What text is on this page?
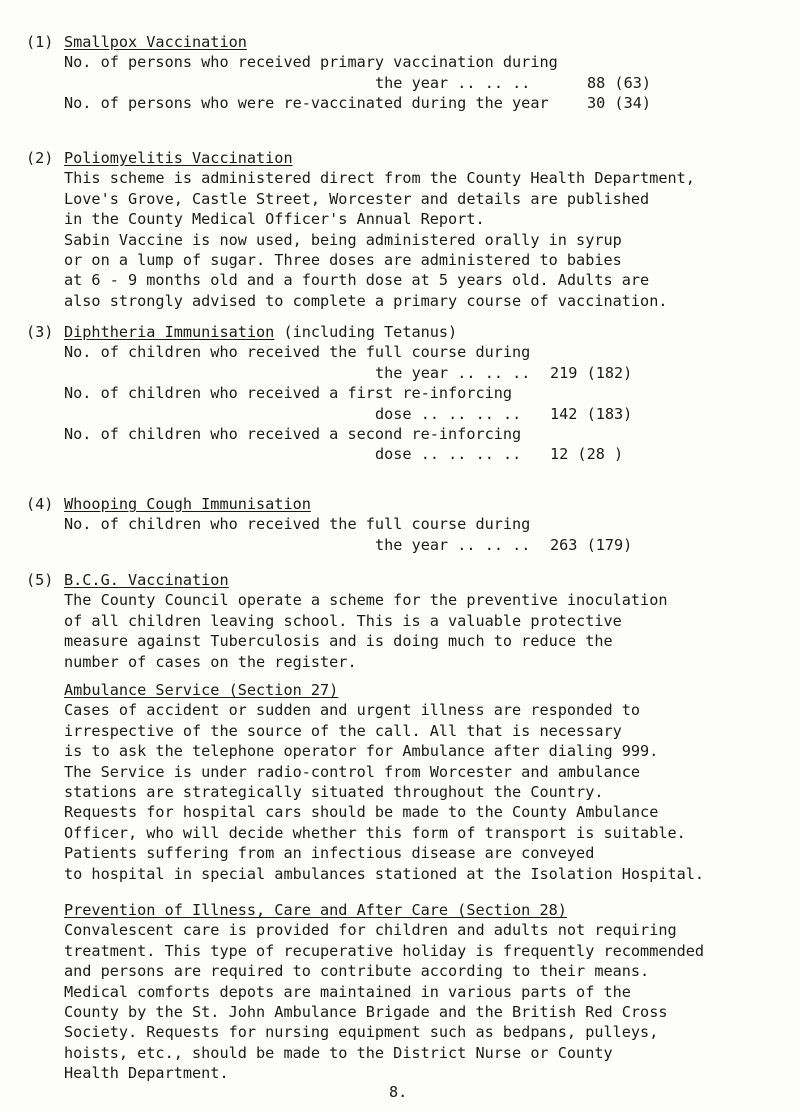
(1) Smallpox Vaccination
No. of persons who received primary vaccination during
the year .. .. ..	88 (63)
No. of persons who were re-vaccinated during the year	30 (34)
(2) Poliomyelitis Vaccination
This scheme is administered direct from the County Health Department,
Love's Grove, Castle Street, Worcester and details are published
in the County Medical Officer's Annual Report.
Sabin Vaccine is now used, being administered orally in syrup
or on a lump of sugar. Three doses are administered to babies
at 6 - 9 months old and a fourth dose at 5 years old. Adults are
also strongly advised to complete a primary course of vaccination.
(3) Diphtheria Immunisation (including Tetanus)
No. of children who received the full course during
the year .. .. .. 219 (182)
No. of children who received a first re-inforcing
dose .. .. .. .. 142 (183)
No. of children who received a second re-inforcing
dose .. .. .. .. 12 (28 )
(4) Whooping Cough Immunisation
No. of children who received the full course during
the year .. .. .. 263 (179)
(5) B.C.G. Vaccination
The County Council operate a scheme for the preventive inoculation
of all children leaving school. This is a valuable protective
measure against Tuberculosis and is doing much to reduce the
number of cases on the register.
Ambulance Service (Section 27)
Cases of accident or sudden and urgent illness are responded to
irrespective of the source of the call. All that is necessary
is to ask the telephone operator for Ambulance after dialing 999.
The Service is under radio-control from Worcester and ambulance
stations are strategically situated throughout the Country.
Requests for hospital cars should be made to the County Ambulance
Officer, who will decide whether this form of transport is suitable.
Patients suffering from an infectious disease are conveyed
to hospital in special ambulances stationed at the Isolation Hospital.
Prevention of Illness, Care and After Care (Section 28)
Convalescent care is provided for children and adults not requiring
treatment. This type of recuperative holiday is frequently recommended
and persons are required to contribute according to their means.
Medical comforts depots are maintained in various parts of the
County by the St. John Ambulance Brigade and the British Red Cross
Society. Requests for nursing equipment such as bedpans, pulleys,
hoists, etc., should be made to the District Nurse or County
Health Department.
8.
